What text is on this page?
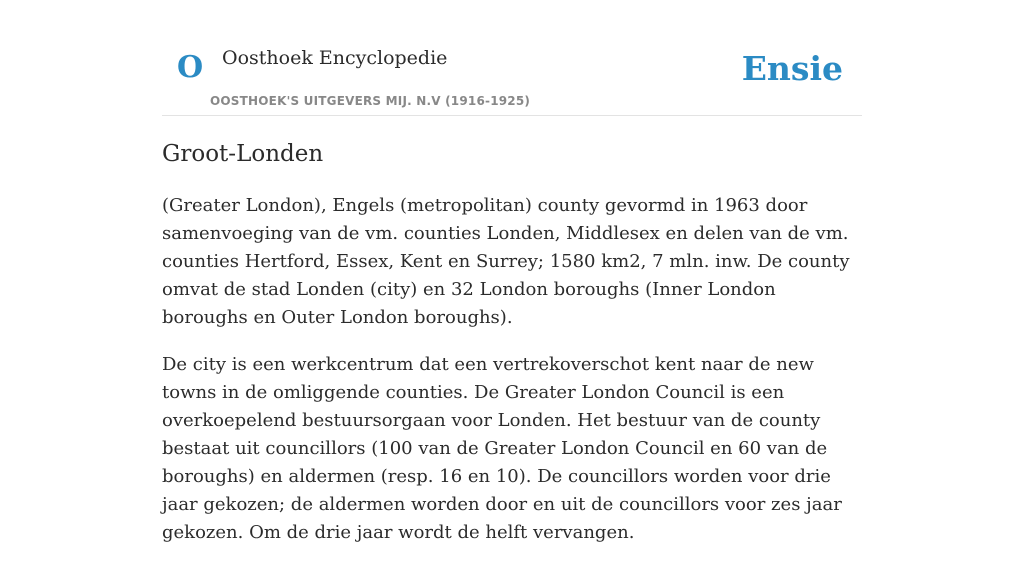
O Oosthoek Encyclopedie
OOSTHOEK'S UITGEVERS MIJ. N.V (1916-1925)
Ensie
Groot-Londen

(Greater London), Engels (metropolitan) county gevormd in 1963 door samenvoeging van de vm. counties Londen, Middlesex en delen van de vm. counties Hertford, Essex, Kent en Surrey; 1580 km2, 7 mln. inw. De county omvat de stad Londen (city) en 32 London boroughs (Inner London boroughs en Outer London boroughs).

De city is een werkcentrum dat een vertrekoverschot kent naar de new towns in de omliggende counties. De Greater London Council is een overkoepelend bestuursorgaan voor Londen. Het bestuur van de county bestaat uit councillors (100 van de Greater London Council en 60 van de boroughs) en aldermen (resp. 16 en 10). De councillors worden voor drie jaar gekozen; de aldermen worden door en uit de councillors voor zes jaar gekozen. Om de drie jaar wordt de helft vervangen.
